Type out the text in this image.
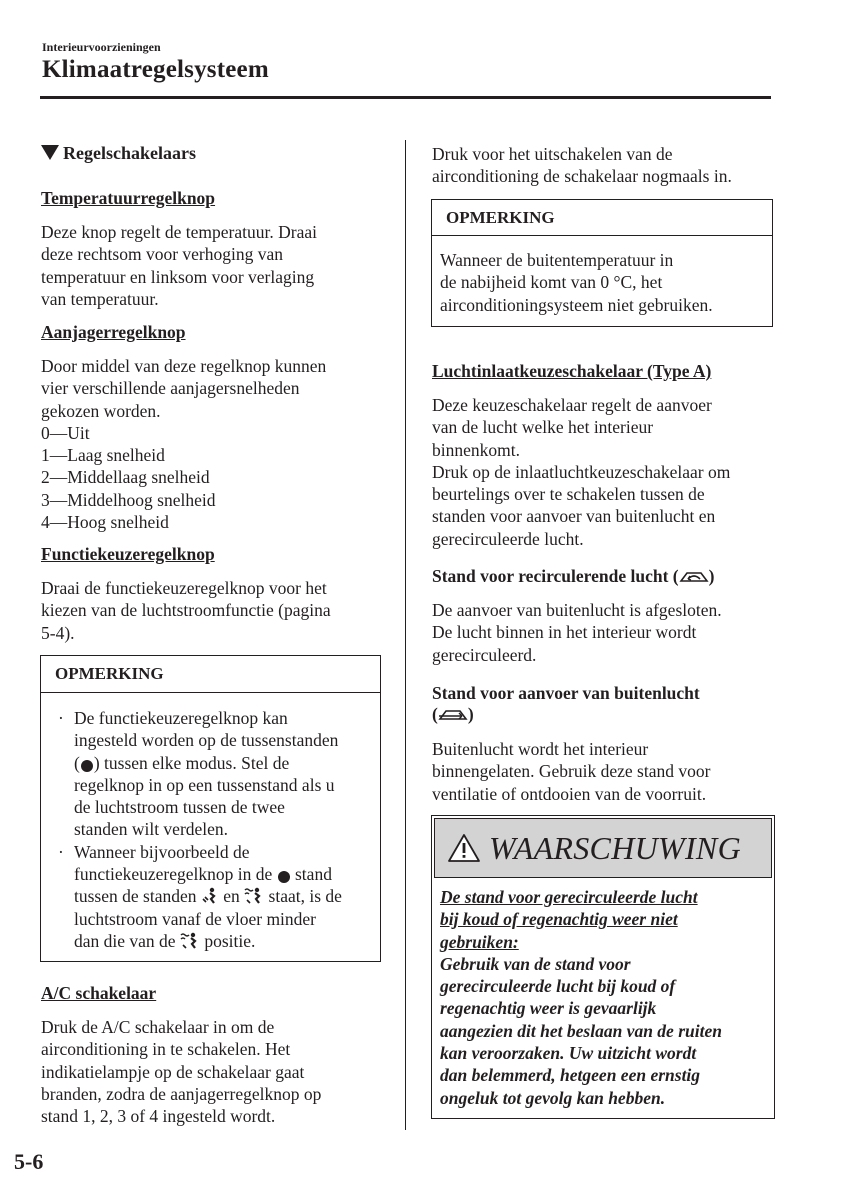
Interieurvoorzieningen
Klimaatregelsysteem
Regelschakelaars
Temperatuurregelknop
Deze knop regelt de temperatuur. Draai
deze rechtsom voor verhoging van
temperatuur en linksom voor verlaging
van temperatuur.
Aanjagerregelknop
Door middel van deze regelknop kunnen
vier verschillende aanjagersnelheden
gekozen worden.
0—Uit
1—Laag snelheid
2—Middellaag snelheid
3—Middelhoog snelheid
4—Hoog snelheid
Functiekeuzeregelknop
Draai de functiekeuzeregelknop voor het
kiezen van de luchtstroomfunctie (pagina
5-4).
OPMERKING
· De functiekeuzeregelknop kan
ingesteld worden op de tussenstanden
( ) tussen elke modus. Stel de
regelknop in op een tussenstand als u
de luchtstroom tussen de twee
standen wilt verdelen.
· Wanneer bijvoorbeeld de
functiekeuzeregelknop in de stand
tussen de standen en staat, is de
luchtstroom vanaf de vloer minder
dan die van de positie.
A/C schakelaar
Druk de A/C schakelaar in om de
airconditioning in te schakelen. Het
indikatielampje op de schakelaar gaat
branden, zodra de aanjagerregelknop op
stand 1, 2, 3 of 4 ingesteld wordt.
Druk voor het uitschakelen van de
airconditioning de schakelaar nogmaals in.
OPMERKING
Wanneer de buitentemperatuur in
de nabijheid komt van 0 °C, het
airconditioningsysteem niet gebruiken.
Luchtinlaatkeuzeschakelaar (Type A)
Deze keuzeschakelaar regelt de aanvoer
van de lucht welke het interieur
binnenkomt.
Druk op de inlaatluchtkeuzeschakelaar om
beurtelings over te schakelen tussen de
standen voor aanvoer van buitenlucht en
gerecirculeerde lucht.
Stand voor recirculerende lucht ( )
De aanvoer van buitenlucht is afgesloten.
De lucht binnen in het interieur wordt
gerecirculeerd.
Stand voor aanvoer van buitenlucht
( )
Buitenlucht wordt het interieur
binnengelaten. Gebruik deze stand voor
ventilatie of ontdooien van de voorruit.
WAARSCHUWING
De stand voor gerecirculeerde lucht
bij koud of regenachtig weer niet
gebruiken:
Gebruik van de stand voor
gerecirculeerde lucht bij koud of
regenachtig weer is gevaarlijk
aangezien dit het beslaan van de ruiten
kan veroorzaken. Uw uitzicht wordt
dan belemmerd, hetgeen een ernstig
ongeluk tot gevolg kan hebben.
5-6
